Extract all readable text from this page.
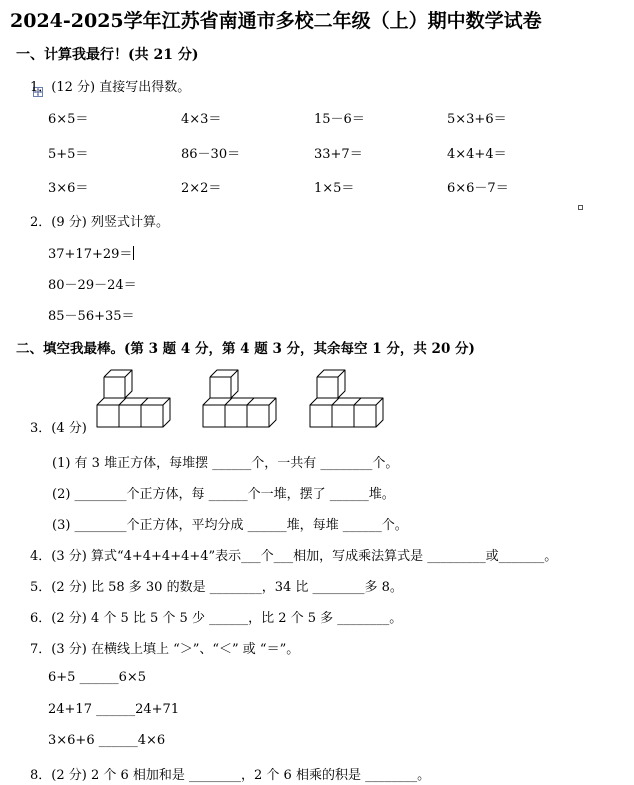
2024-2025学年江苏省南通市多校二年级（上）期中数学试卷
一、计算我最行！(共 21 分)
1．(12 分) 直接写出得数。
6×5＝	4×3＝	15－6＝	5×3+6＝
5+5＝	86－30＝	33+7＝	4×4+4＝
3×6＝	2×2＝	1×5＝	6×6－7＝
2．(9 分) 列竖式计算。
37+17+29＝
80－29－24＝
85－56+35＝
二、填空我最棒。(第 3 题 4 分，第 4 题 3 分，其余每空 1 分，共 20 分)
3．(4 分)
(1) 有 3 堆正方体，每堆摆 ______个，一共有 ________个。
(2) ________个正方体，每 ______个一堆，摆了 ______堆。
(3) ________个正方体，平均分成 ______堆，每堆 ______个。
4．(3 分) 算式“4+4+4+4+4”表示___个___相加，写成乘法算式是 _________或_______。
5．(2 分) 比 58 多 30 的数是 ________，34 比 ________多 8。
6．(2 分) 4 个 5 比 5 个 5 少 ______，比 2 个 5 多 ________。
7．(3 分) 在横线上填上 “＞”、“＜” 或 “＝”。
6+5 ______6×5
24+17 ______24+71
3×6+6 ______4×6
8．(2 分) 2 个 6 相加和是 ________，2 个 6 相乘的积是 ________。
